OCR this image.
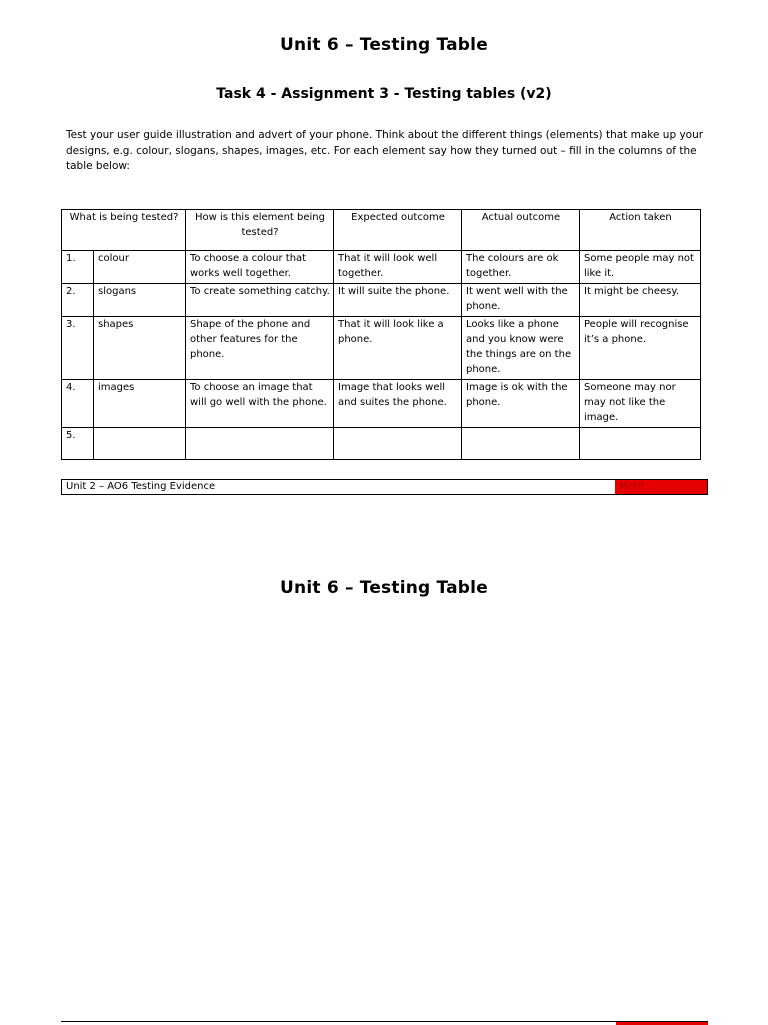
Unit 6 – Testing Table
Task 4 - Assignment 3 - Testing tables (v2)
Test your user guide illustration and advert of your phone. Think about the different things (elements) that make up your designs, e.g. colour, slogans, shapes, images, etc. For each element say how they turned out – fill in the columns of the table below:
What is being tested?		How is this element being tested?	Expected outcome	Actual outcome	Action taken
1.	colour	To choose a colour that works well together.	That it will look well together.	The colours are ok together.	Some people may not like it.
2.	slogans	To create something catchy.	It will suite the phone.	It went well with the phone.	It might be cheesy.
3.	shapes	Shape of the phone and other features for the phone.	That it will look like a phone.	Looks like a phone and you know were the things are on the phone.	People will recognise it’s a phone.
4.	images	To choose an image that will go well with the phone.	Image that looks well and suites the phone.	Image is ok with the phone.	Someone may nor may not like the image.
5.					
Unit 2 – AO6 Testing Evidence	Merit
Unit 6 – Testing Table
